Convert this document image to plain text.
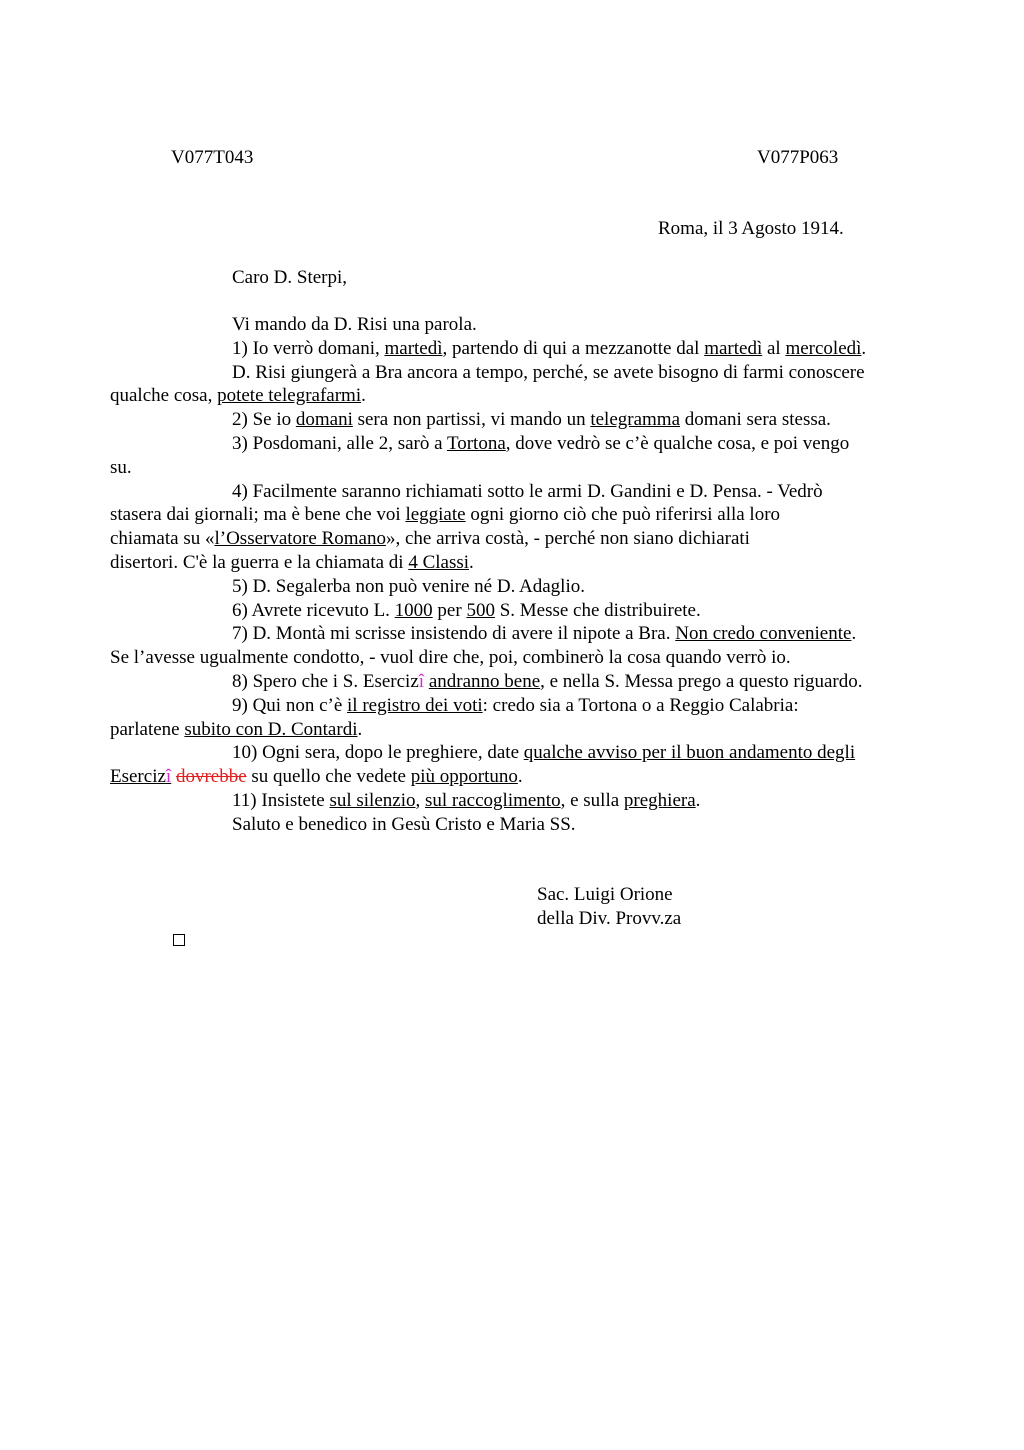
V077T043	V077P063
Roma, il 3 Agosto 1914.
Caro D. Sterpi,

Vi mando da D. Risi una parola.

1) Io verrò domani, martedì, partendo di qui a mezzanotte dal martedì al mercoledì.

D. Risi giungerà a Bra ancora a tempo, perché, se avete bisogno di farmi conoscere
qualche cosa, potete telegrafarmi.

2) Se io domani sera non partissi, vi mando un telegramma domani sera stessa.

3) Posdomani, alle 2, sarò a Tortona, dove vedrò se c’è qualche cosa, e poi vengo
su.

4) Facilmente saranno richiamati sotto le armi D. Gandini e D. Pensa. - Vedrò
stasera dai giornali; ma è bene che voi leggiate ogni giorno ciò che può riferirsi alla loro
chiamata su «l’Osservatore Romano», che arriva costà, - perché non siano dichiarati
disertori. C'è la guerra e la chiamata di 4 Classi.

5) D. Segalerba non può venire né D. Adaglio.

6) Avrete ricevuto L. 1000 per 500 S. Messe che distribuirete.

7) D. Montà mi scrisse insistendo di avere il nipote a Bra. Non credo conveniente.
Se l’avesse ugualmente condotto, - vuol dire che, poi, combinerò la cosa quando verrò io.

8) Spero che i S. Esercizî andranno bene, e nella S. Messa prego a questo riguardo.

9) Qui non c’è il registro dei voti: credo sia a Tortona o a Reggio Calabria:
parlatene subito con D. Contardi.

10) Ogni sera, dopo le preghiere, date qualche avviso per il buon andamento degli
Esercizî dovrebbe su quello che vedete più opportuno.

11) Insistete sul silenzio, sul raccoglimento, e sulla preghiera.

Saluto e benedico in Gesù Cristo e Maria SS.

Sac. Luigi Orione
della Div. Provv.za
